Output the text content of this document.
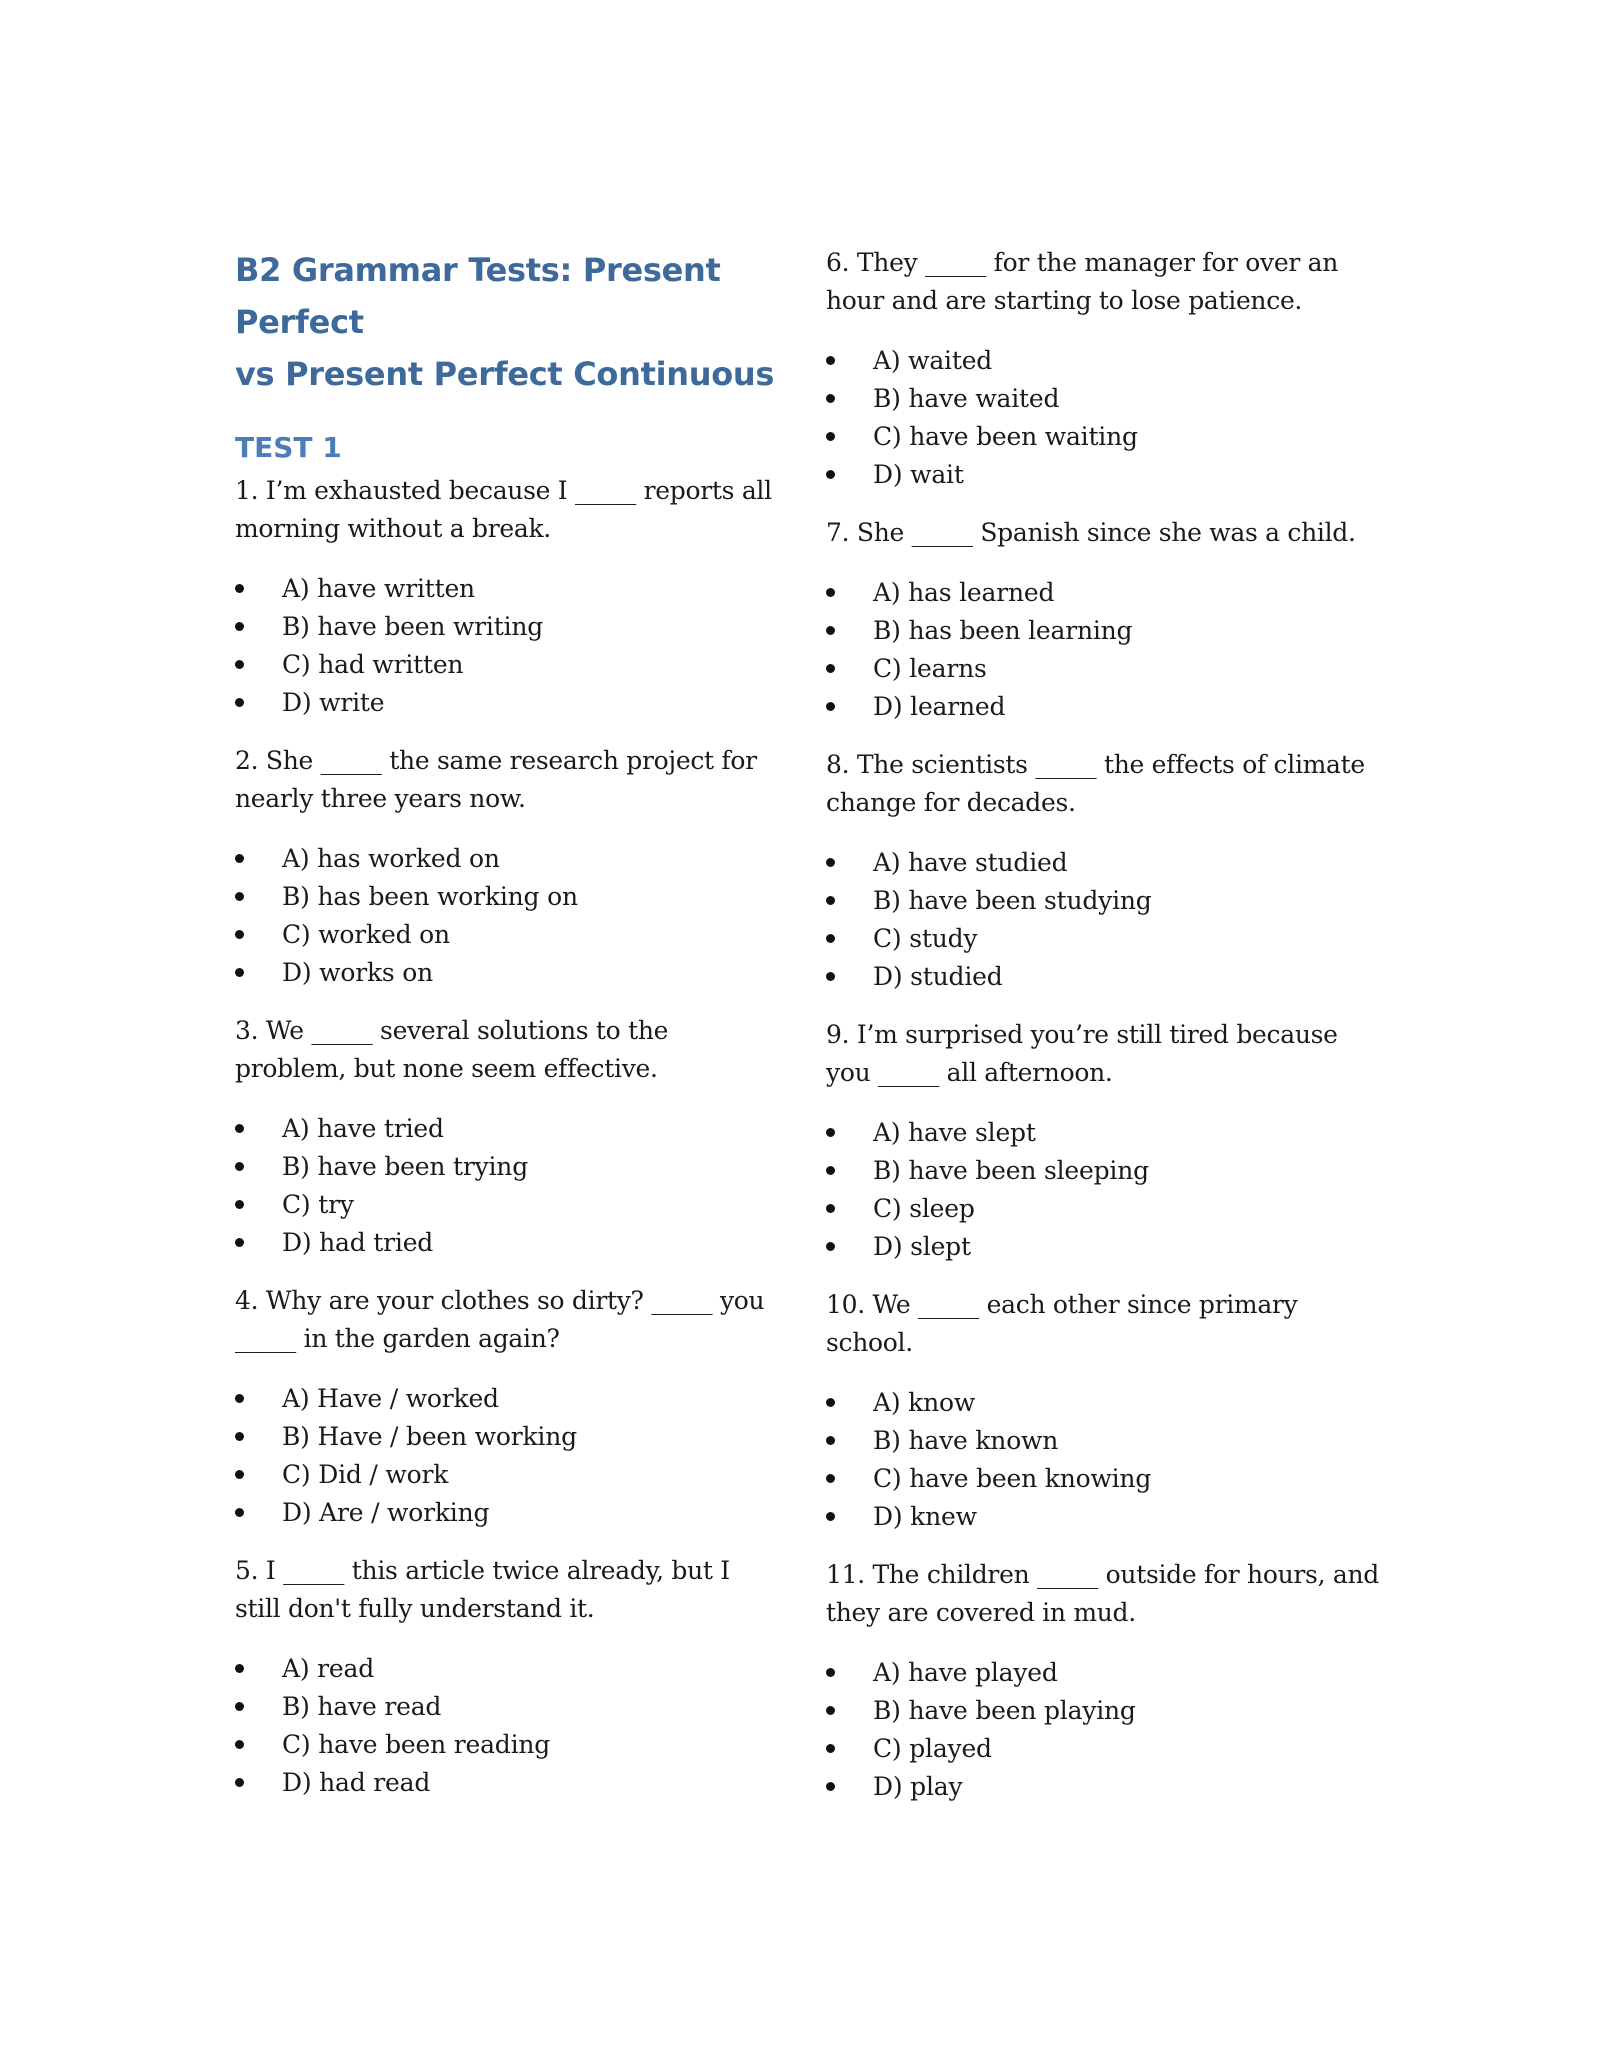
B2 Grammar Tests: Present Perfect
vs Present Perfect Continuous
TEST 1

1. I’m exhausted because I _____ reports all morning without a break.

A) have written
B) have been writing
C) had written
D) write

2. She _____ the same research project for nearly three years now.

A) has worked on
B) has been working on
C) worked on
D) works on

3. We _____ several solutions to the problem, but none seem effective.

A) have tried
B) have been trying
C) try
D) had tried

4. Why are your clothes so dirty? _____ you _____ in the garden again?

A) Have / worked
B) Have / been working
C) Did / work
D) Are / working

5. I _____ this article twice already, but I still don't fully understand it.

A) read
B) have read
C) have been reading
D) had read

6. They _____ for the manager for over an hour and are starting to lose patience.

A) waited
B) have waited
C) have been waiting
D) wait

7. She _____ Spanish since she was a child.

A) has learned
B) has been learning
C) learns
D) learned

8. The scientists _____ the effects of climate change for decades.

A) have studied
B) have been studying
C) study
D) studied

9. I’m surprised you’re still tired because you _____ all afternoon.

A) have slept
B) have been sleeping
C) sleep
D) slept

10. We _____ each other since primary school.

A) know
B) have known
C) have been knowing
D) knew

11. The children _____ outside for hours, and they are covered in mud.

A) have played
B) have been playing
C) played
D) play
